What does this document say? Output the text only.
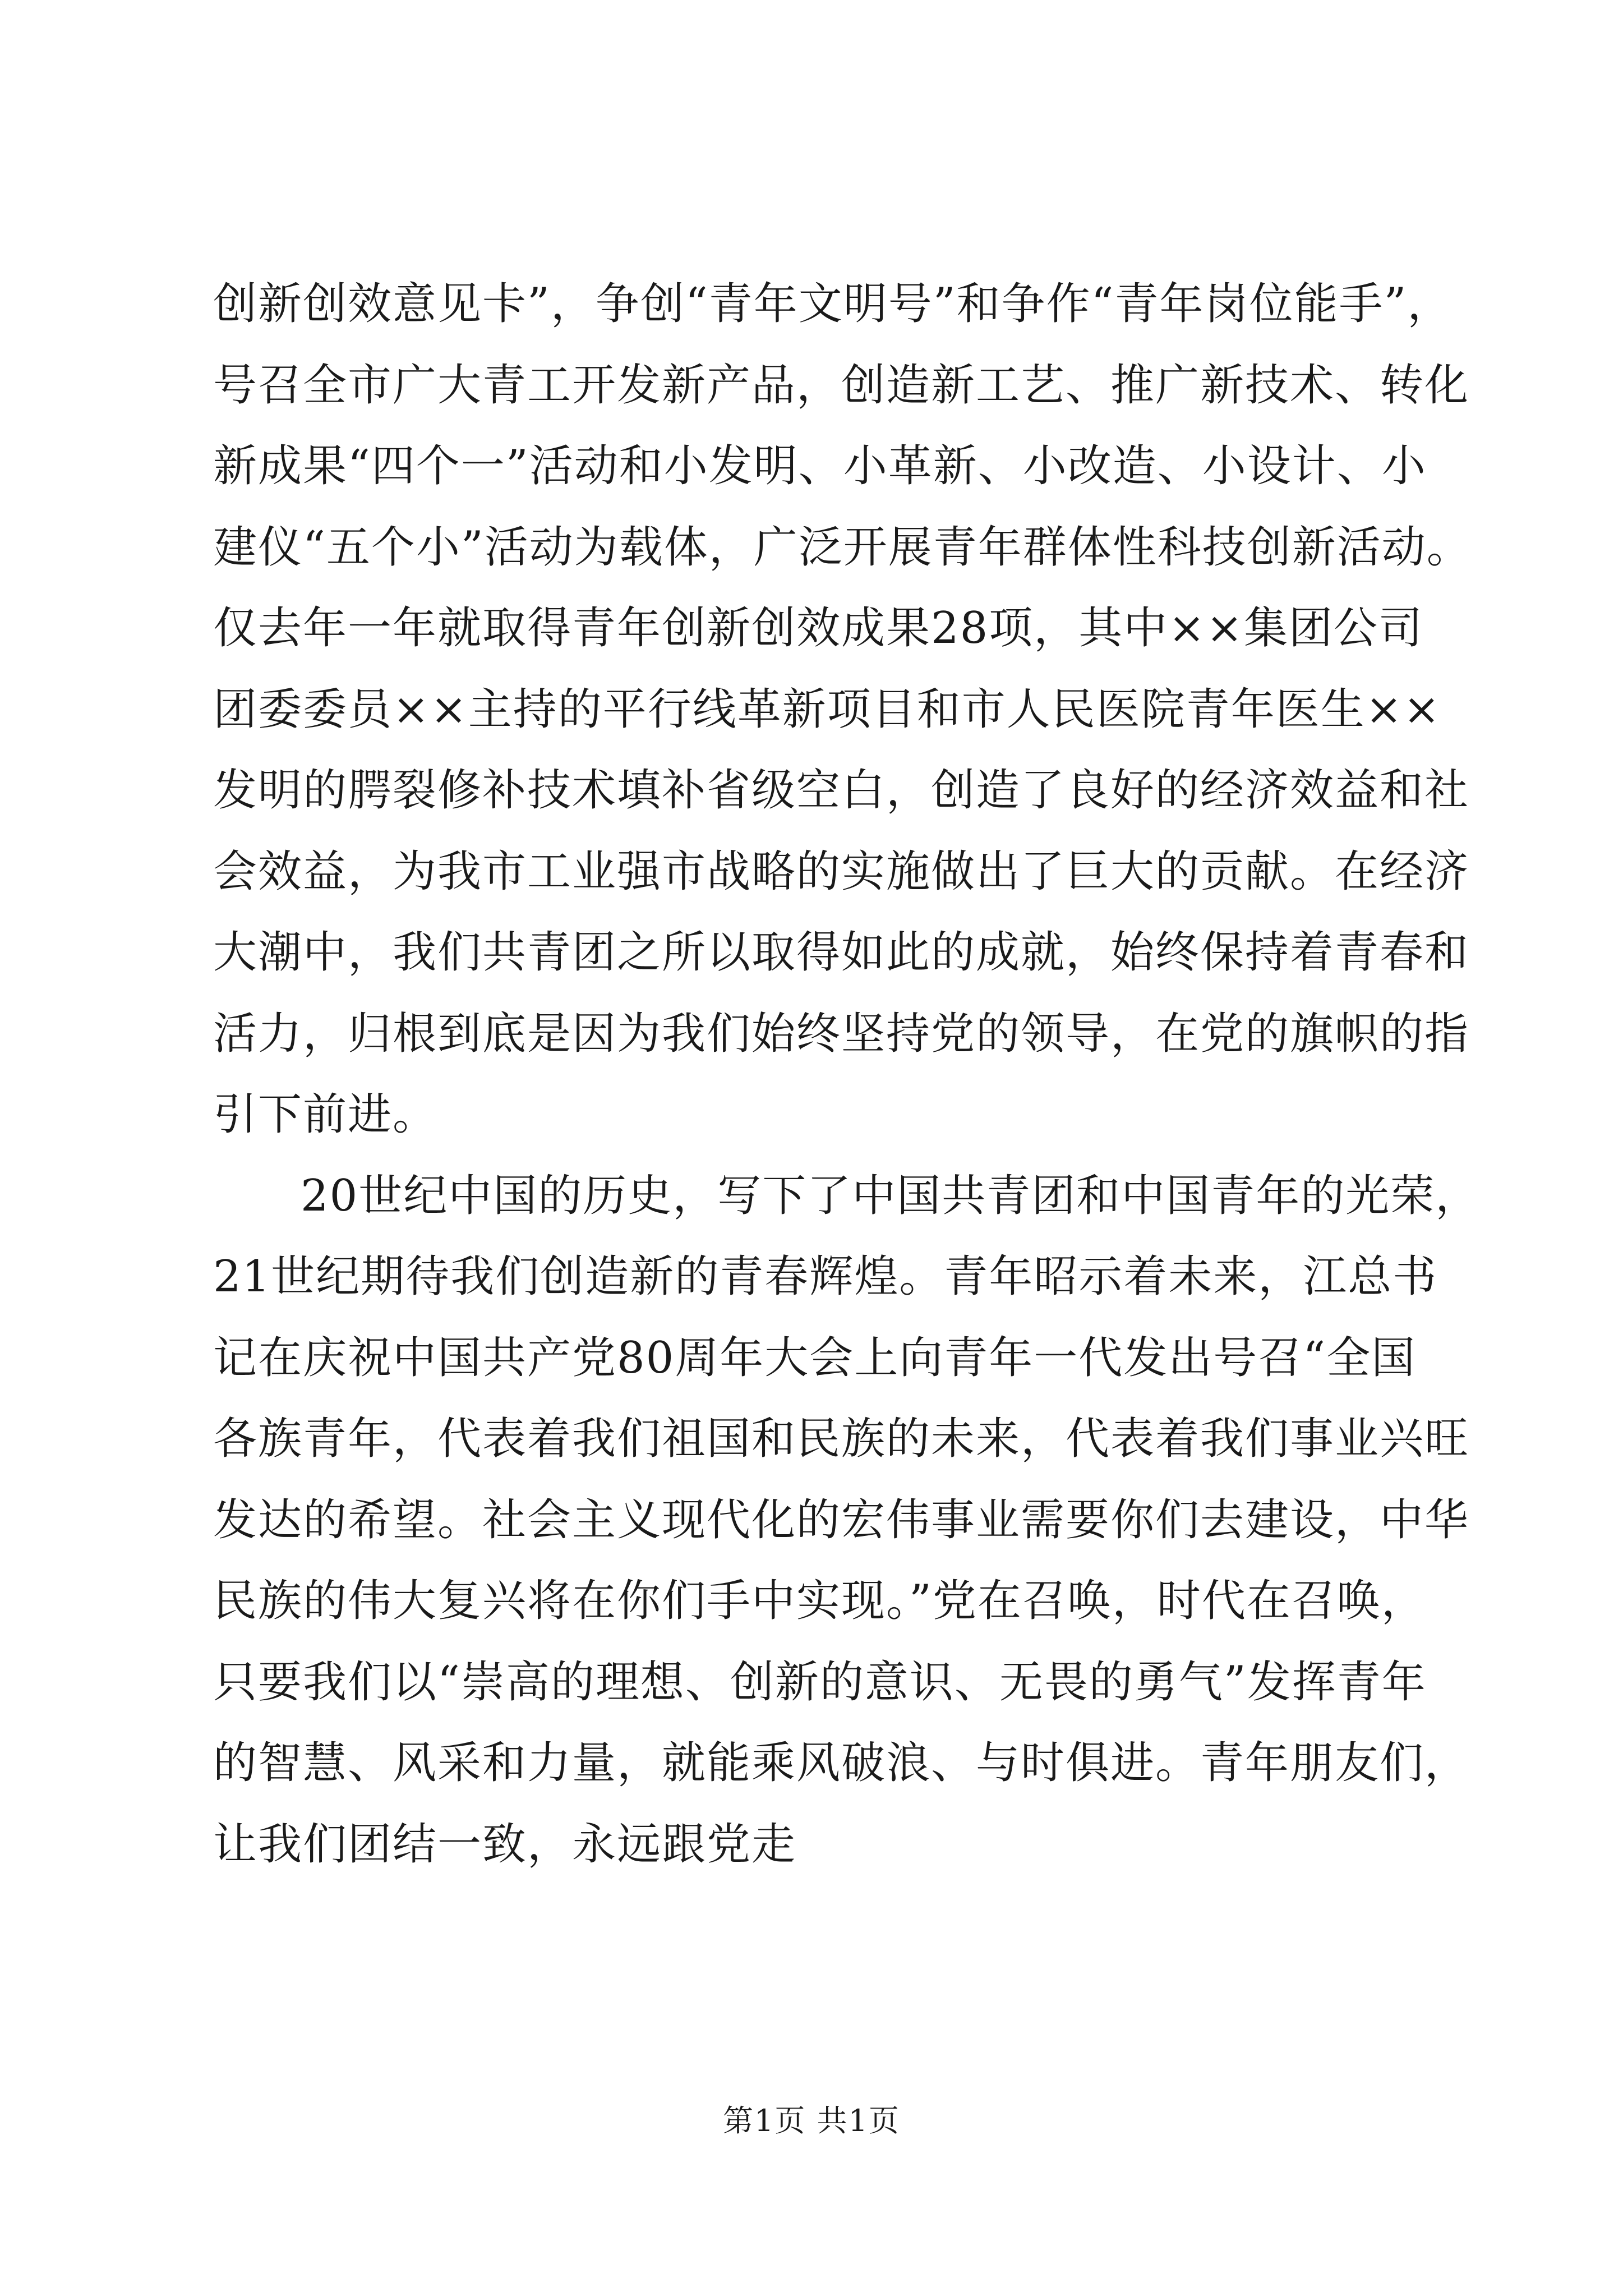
创新创效意见卡”，争创“青年文明号”和争作“青年岗位能手”，
号召全市广大青工开发新产品，创造新工艺、推广新技术、转化
新成果“四个一”活动和小发明、小革新、小改造、小设计、小
建仪“五个小”活动为载体，广泛开展青年群体性科技创新活动。
仅去年一年就取得青年创新创效成果28项，其中××集团公司
团委委员××主持的平行线革新项目和市人民医院青年医生××
发明的腭裂修补技术填补省级空白，创造了良好的经济效益和社
会效益，为我市工业强市战略的实施做出了巨大的贡献。在经济
大潮中，我们共青团之所以取得如此的成就，始终保持着青春和
活力，归根到底是因为我们始终坚持党的领导，在党的旗帜的指
引下前进。
20世纪中国的历史，写下了中国共青团和中国青年的光荣，
21世纪期待我们创造新的青春辉煌。青年昭示着未来，江总书
记在庆祝中国共产党80周年大会上向青年一代发出号召“全国
各族青年，代表着我们祖国和民族的未来，代表着我们事业兴旺
发达的希望。社会主义现代化的宏伟事业需要你们去建设，中华
民族的伟大复兴将在你们手中实现。”党在召唤，时代在召唤，
只要我们以“崇高的理想、创新的意识、无畏的勇气”发挥青年
的智慧、风采和力量，就能乘风破浪、与时俱进。青年朋友们，
让我们团结一致，永远跟党走
第1页 共1页
